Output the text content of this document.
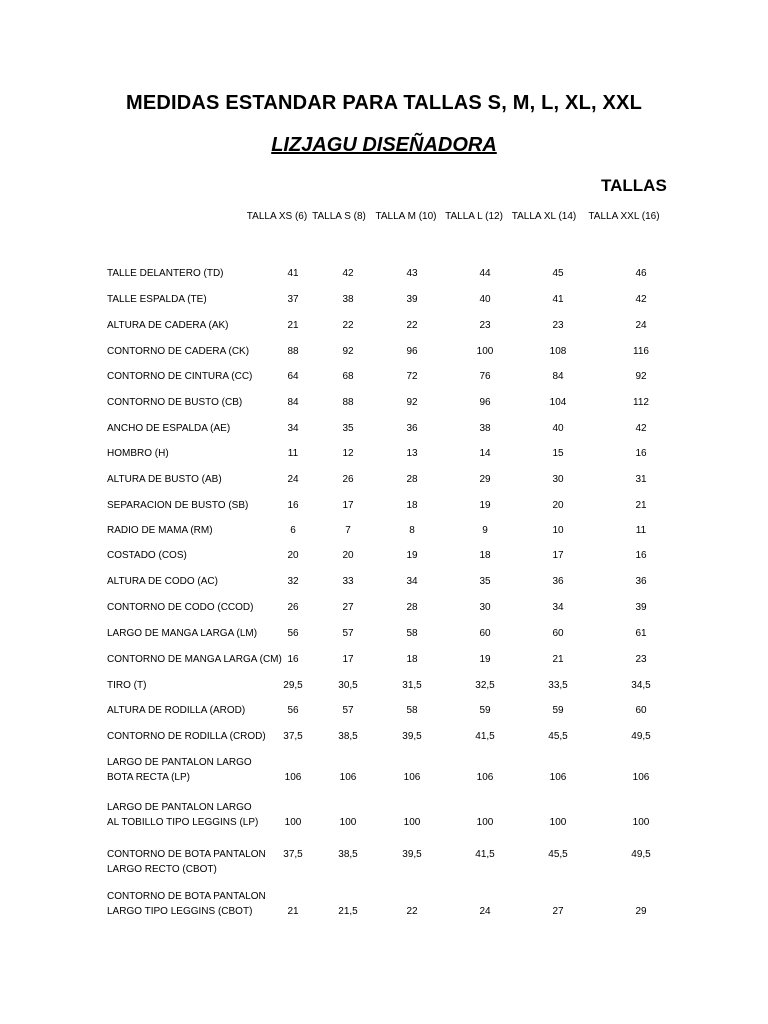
MEDIDAS ESTANDAR PARA TALLAS S, M, L, XL, XXL
LIZJAGU DISEÑADORA
TALLAS
TALLA XS (6) TALLA S (8) TALLA M (10) TALLA L (12) TALLA XL (14) TALLA XXL (16)
TALLE DELANTERO (TD)	41	42	43	44	45	46
TALLE ESPALDA (TE)	37	38	39	40	41	42
ALTURA DE CADERA (AK)	21	22	22	23	23	24
CONTORNO DE CADERA (CK)	88	92	96	100	108	116
CONTORNO DE CINTURA (CC)	64	68	72	76	84	92
CONTORNO DE BUSTO (CB)	84	88	92	96	104	112
ANCHO DE ESPALDA (AE)	34	35	36	38	40	42
HOMBRO (H)	11	12	13	14	15	16
ALTURA DE BUSTO (AB)	24	26	28	29	30	31
SEPARACION DE BUSTO (SB)	16	17	18	19	20	21
RADIO DE MAMA (RM)	6	7	8	9	10	11
COSTADO (COS)	20	20	19	18	17	16
ALTURA DE CODO (AC)	32	33	34	35	36	36
CONTORNO DE CODO (CCOD)	26	27	28	30	34	39
LARGO DE MANGA LARGA (LM)	56	57	58	60	60	61
CONTORNO DE MANGA LARGA (CM) 16	17	18	19	21	23
TIRO (T)	29,5	30,5	31,5	32,5	33,5	34,5
ALTURA DE RODILLA (AROD)	56	57	58	59	59	60
CONTORNO DE RODILLA (CROD) 37,5	38,5	39,5	41,5	45,5	49,5
LARGO DE PANTALON LARGO
BOTA RECTA (LP)	106	106	106	106	106	106
LARGO DE PANTALON LARGO
AL TOBILLO TIPO LEGGINS (LP)	100	100	100	100	100	100
CONTORNO DE BOTA PANTALON
LARGO RECTO (CBOT)
37,5	38,5	39,5	41,5	45,5	49,5
CONTORNO DE BOTA PANTALON
LARGO TIPO LEGGINS (CBOT)	21	21,5	22	24	27	29
